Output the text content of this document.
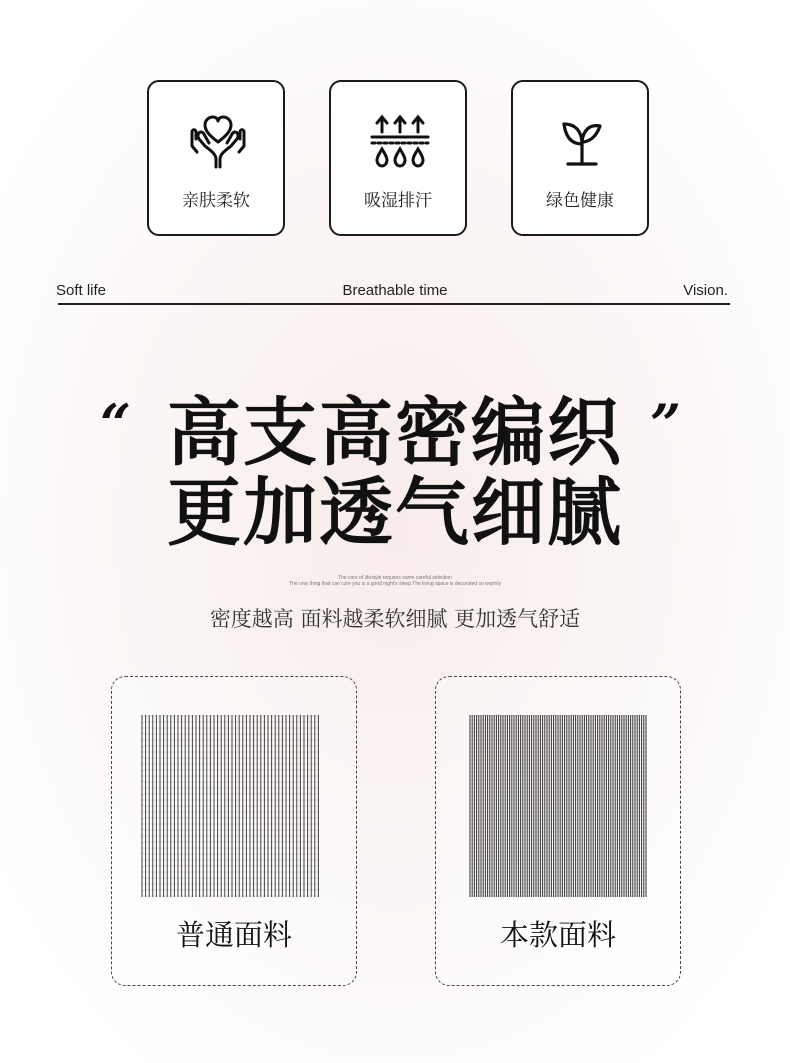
亲肤柔软	吸湿排汗	绿色健康
Soft life	Breathable time	Vision.
“	”
高支高密编织
更加透气细腻
The core of lifestyle requires some careful selection
The only thing that can cure you is a good night's sleep.The living space is decorated so warmly
密度越高 面料越柔软细腻 更加透气舒适
普通面料	本款面料
